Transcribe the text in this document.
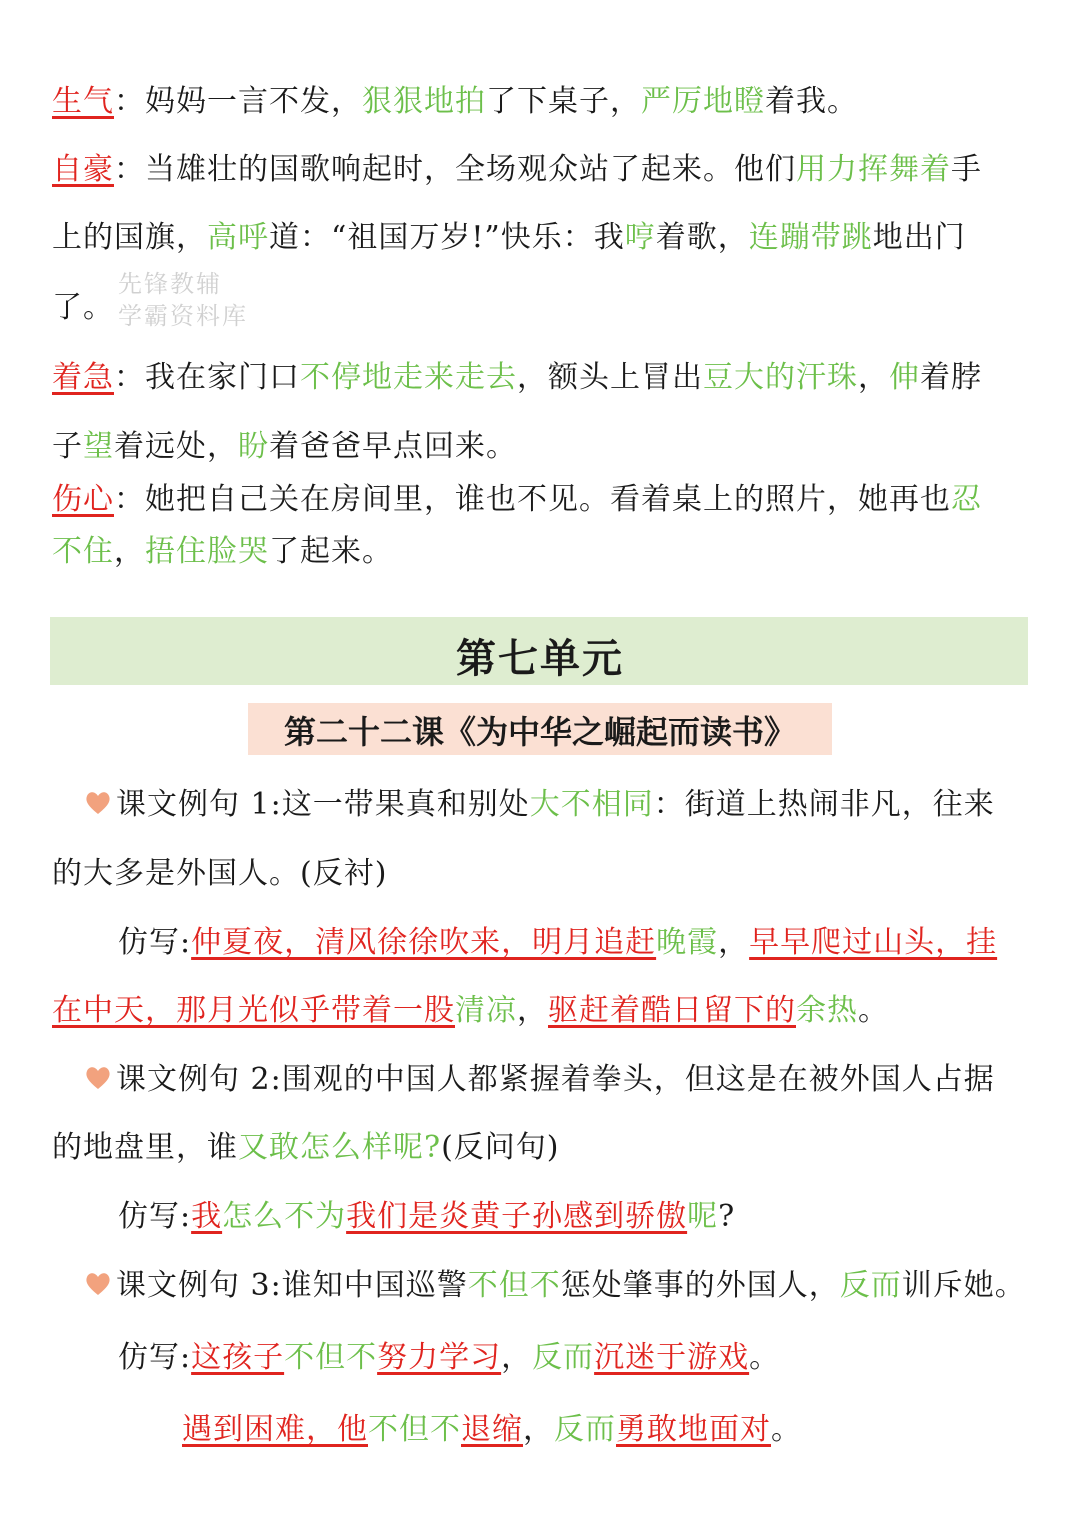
生气：妈妈一言不发，狠狠地拍了下桌子，严厉地瞪着我。
自豪：当雄壮的国歌响起时，全场观众站了起来。他们用力挥舞着手
上的国旗，高呼道：“祖国万岁!”快乐：我哼着歌，连蹦带跳地出门
了。
先锋教辅
学霸资料库
着急：我在家门口不停地走来走去，额头上冒出豆大的汗珠，伸着脖
子望着远处，盼着爸爸早点回来。
伤心：她把自己关在房间里，谁也不见。看着桌上的照片，她再也忍
不住，捂住脸哭了起来。
第七单元
第二十二课《为中华之崛起而读书》
课文例句 1:这一带果真和别处大不相同：街道上热闹非凡，往来
的大多是外国人。(反衬)
仿写:仲夏夜，清风徐徐吹来，明月追赶晚霞，早早爬过山头，挂
在中天，那月光似乎带着一股清凉，驱赶着酷日留下的余热。
课文例句 2:围观的中国人都紧握着拳头，但这是在被外国人占据
的地盘里，谁又敢怎么样呢?(反问句)
仿写:我怎么不为我们是炎黄子孙感到骄傲呢?
课文例句 3:谁知中国巡警不但不惩处肇事的外国人，反而训斥她。
仿写:这孩子不但不努力学习，反而沉迷于游戏。
遇到困难，他不但不退缩，反而勇敢地面对。
